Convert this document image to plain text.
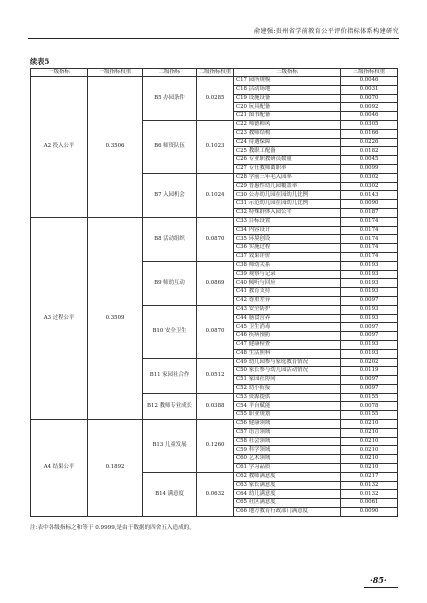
俞建强:贵州省学前教育公平评价指标体系构建研究
续表5
一级指标	一级指标权重	二级指标	二级指标权重	三级指标	三级指标权重
A2 投入公平	0.3506	B5 办园条件	0.0285	C17 园所规模	0.0046
				C18 活动场地	0.0031
				C19 设施设备	0.0070
				C20 玩具配备	0.0092
				C21 图书配备	0.0046
		B6 师资队伍	0.1023	C22 师德师风	0.0305
				C23 教师结构	0.0166
				C24 待遇保障	0.0226
				C25 教职工配备	0.0182
				C26 专业职教研员数量	0.0045
				C27 专任教师离职率	0.0099
		B7 入园机会	0.1024	C28 学前三年毛入园率	0.0302
				C29 普惠性幼儿园覆盖率	0.0302
				C30 公办幼儿园在园幼儿比例	0.0143
				C31 示范幼儿园在园幼儿比例	0.0090
				C32 特殊群体入园公平	0.0187
A3 过程公平	0.3509	B8 活动组织	0.0870	C33 目标设置	0.0174
				C34 内容设计	0.0174
				C35 环境创设	0.0174
				C36 实施过程	0.0174
				C37 效果评价	0.0174
		B9 师幼互动	0.0869	C38 师幼关系	0.0193
				C39 观察与记录	0.0193
				C40 倾听与回应	0.0193
				C41 教育支持	0.0193
				C42 尊重差异	0.0097
		B10 安全卫生	0.0870	C43 安全防护	0.0193
				C44 膳食营养	0.0193
				C45 卫生消毒	0.0097
				C46 疾病预防	0.0097
				C47 健康检查	0.0193
				C48 生活照料	0.0193
		B11 家园社合作	0.0512	C49 幼儿园参与家庭教育情况	0.0202
				C50 家长参与幼儿园活动情况	0.0119
				C51 家园社协同	0.0097
				C52 幼小衔接	0.0097
		B12 教师专业成长	0.0388	C53 资源提供	0.0155
				C54 平台赋能	0.0078
				C55 职业规划	0.0155
A4 结果公平	0.1892	B13 儿童发展	0.1260	C56 健康领域	0.0210
				C57 语言领域	0.0210
				C58 社会领域	0.0210
				C59 科学领域	0.0210
				C60 艺术领域	0.0210
				C61 学习品质	0.0210
		B14 满意度	0.0632	C62 教师满意度	0.0217
				C63 家长满意度	0.0132
				C64 幼儿满意度	0.0132
				C65 社区满意度	0.0061
				C66 地方教育行政部门满意度	0.0090
注:表中各级指标之和等于 0.9999,是由于数据的四舍五入造成的。
·85·
